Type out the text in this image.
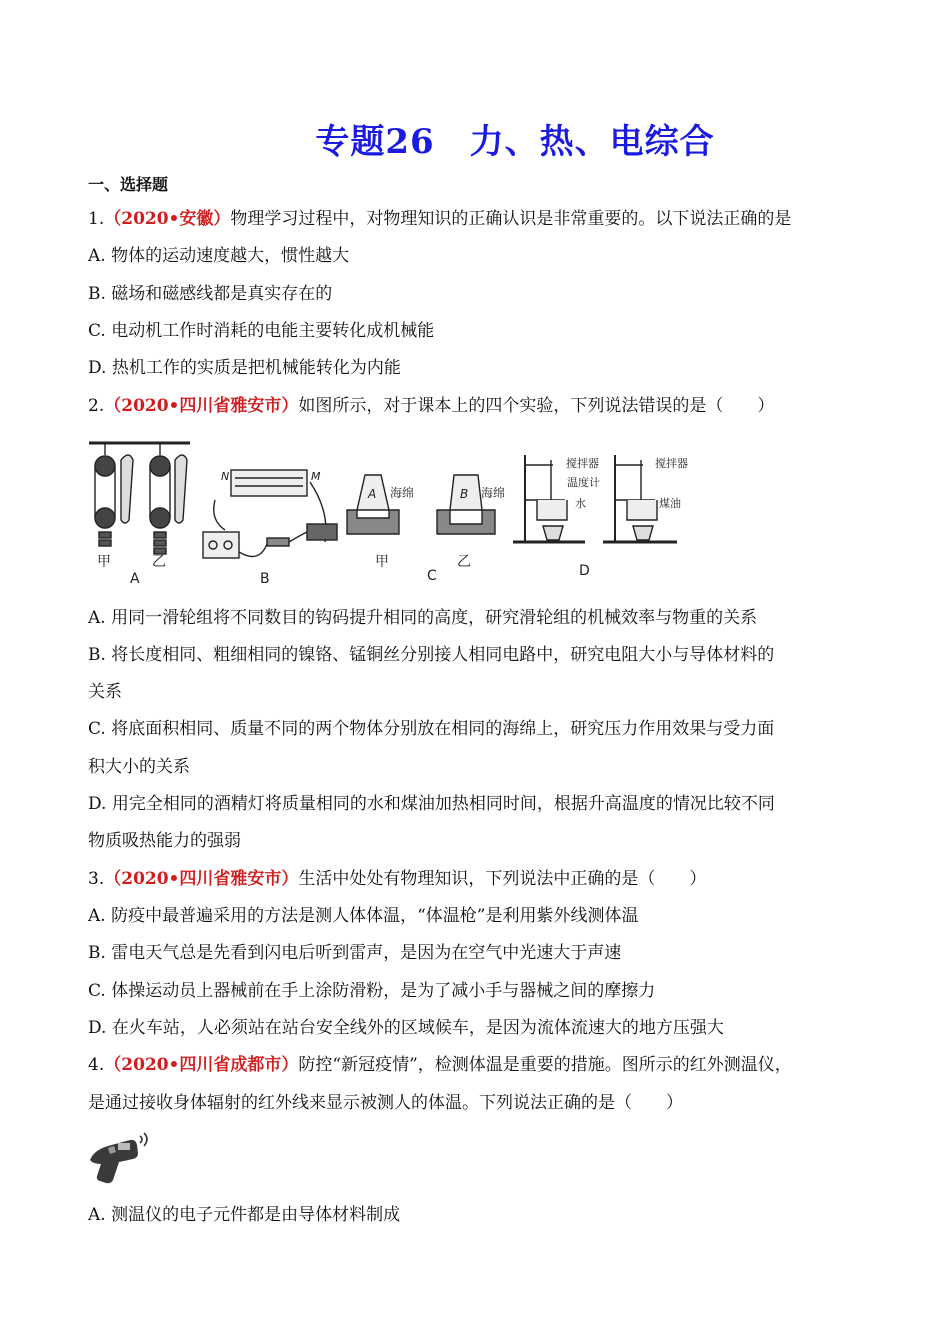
专题26　力、热、电综合
一、选择题
1.（2020•安徽）物理学习过程中，对物理知识的正确认识是非常重要的。以下说法正确的是
A. 物体的运动速度越大，惯性越大
B. 磁场和磁感线都是真实存在的
C. 电动机工作时消耗的电能主要转化成机械能
D. 热机工作的实质是把机械能转化为内能
2.（2020•四川省雅安市）如图所示，对于课本上的四个实验，下列说法错误的是（　　）
甲	乙
A
N	M
B
A	B
海绵	海绵
甲	乙
C
搅拌器
温度计
水
搅拌器
煤油
D
A. 用同一滑轮组将不同数目的钩码提升相同的高度，研究滑轮组的机械效率与物重的关系
B. 将长度相同、粗细相同的镍铬、锰铜丝分别接人相同电路中，研究电阻大小与导体材料的
关系
C. 将底面积相同、质量不同的两个物体分别放在相同的海绵上，研究压力作用效果与受力面
积大小的关系
D. 用完全相同的酒精灯将质量相同的水和煤油加热相同时间，根据升高温度的情况比较不同
物质吸热能力的强弱
3.（2020•四川省雅安市）生活中处处有物理知识，下列说法中正确的是（　　）
A. 防疫中最普遍采用的方法是测人体体温，“体温枪”是利用紫外线测体温
B. 雷电天气总是先看到闪电后听到雷声，是因为在空气中光速大于声速
C. 体操运动员上器械前在手上涂防滑粉，是为了减小手与器械之间的摩擦力
D. 在火车站，人必须站在站台安全线外的区域候车，是因为流体流速大的地方压强大
4.（2020•四川省成都市）防控“新冠疫情”，检测体温是重要的措施。图所示的红外测温仪，
是通过接收身体辐射的红外线来显示被测人的体温。下列说法正确的是（　　）
A. 测温仪的电子元件都是由导体材料制成
